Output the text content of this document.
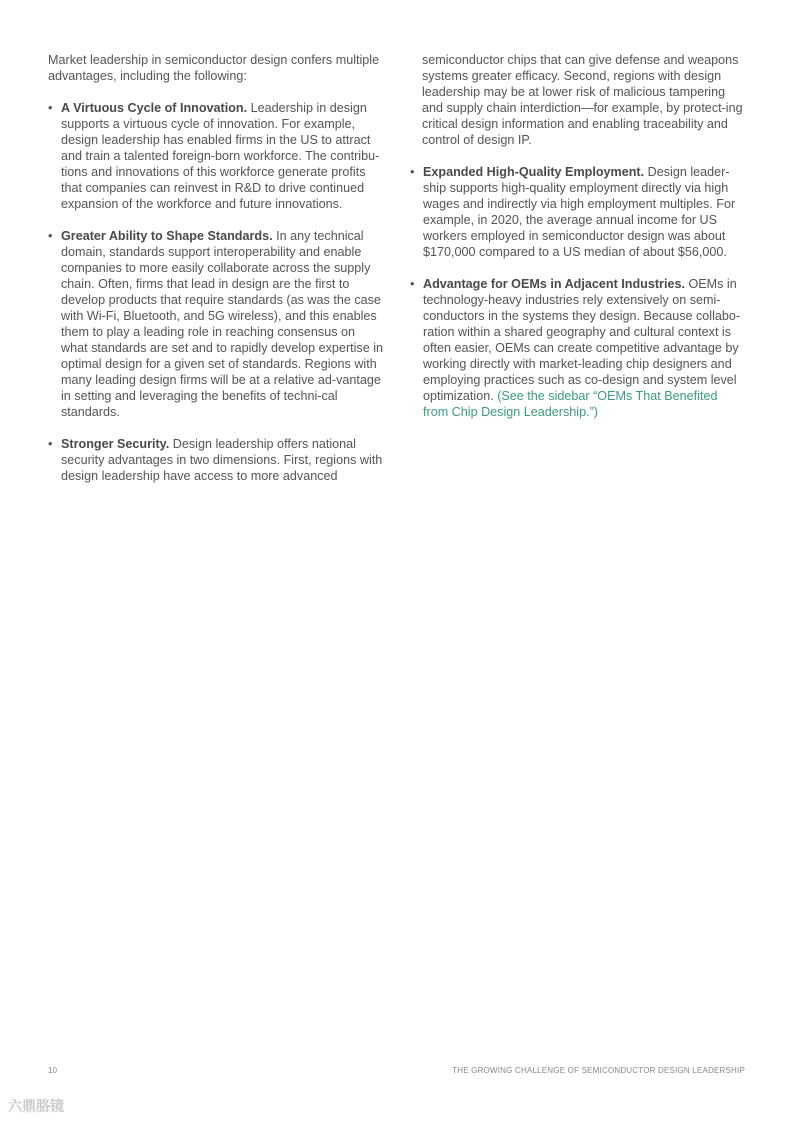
Market leadership in semiconductor design confers multiple advantages, including the following:

• A Virtuous Cycle of Innovation. Leadership in design supports a virtuous cycle of innovation. For example, design leadership has enabled firms in the US to attract and train a talented foreign-born workforce. The contribu-tions and innovations of this workforce generate profits that companies can reinvest in R&D to drive continued expansion of the workforce and future innovations.
• Greater Ability to Shape Standards. In any technical domain, standards support interoperability and enable companies to more easily collaborate across the supply chain. Often, firms that lead in design are the first to develop products that require standards (as was the case with Wi-Fi, Bluetooth, and 5G wireless), and this enables them to play a leading role in reaching consensus on what standards are set and to rapidly develop expertise in optimal design for a given set of standards. Regions with many leading design firms will be at a relative ad-vantage in setting and leveraging the benefits of techni-cal standards.
• Stronger Security. Design leadership offers national security advantages in two dimensions. First, regions with design leadership have access to more advanced

semiconductor chips that can give defense and weapons systems greater efficacy. Second, regions with design leadership may be at lower risk of malicious tampering and supply chain interdiction—for example, by protect-ing critical design information and enabling traceability and control of design IP.

• Expanded High-Quality Employment. Design leader-ship supports high-quality employment directly via high wages and indirectly via high employment multiples. For example, in 2020, the average annual income for US workers employed in semiconductor design was about $170,000 compared to a US median of about $56,000.
• Advantage for OEMs in Adjacent Industries. OEMs in technology-heavy industries rely extensively on semi-conductors in the systems they design. Because collabo-ration within a shared geography and cultural context is often easier, OEMs can create competitive advantage by working directly with market-leading chip designers and employing practices such as co-design and system level optimization. (See the sidebar “OEMs That Benefited from Chip Design Leadership.”)
10	THE GROWING CHALLENGE OF SEMICONDUCTOR DESIGN LEADERSHIP
六鼎胳镜
